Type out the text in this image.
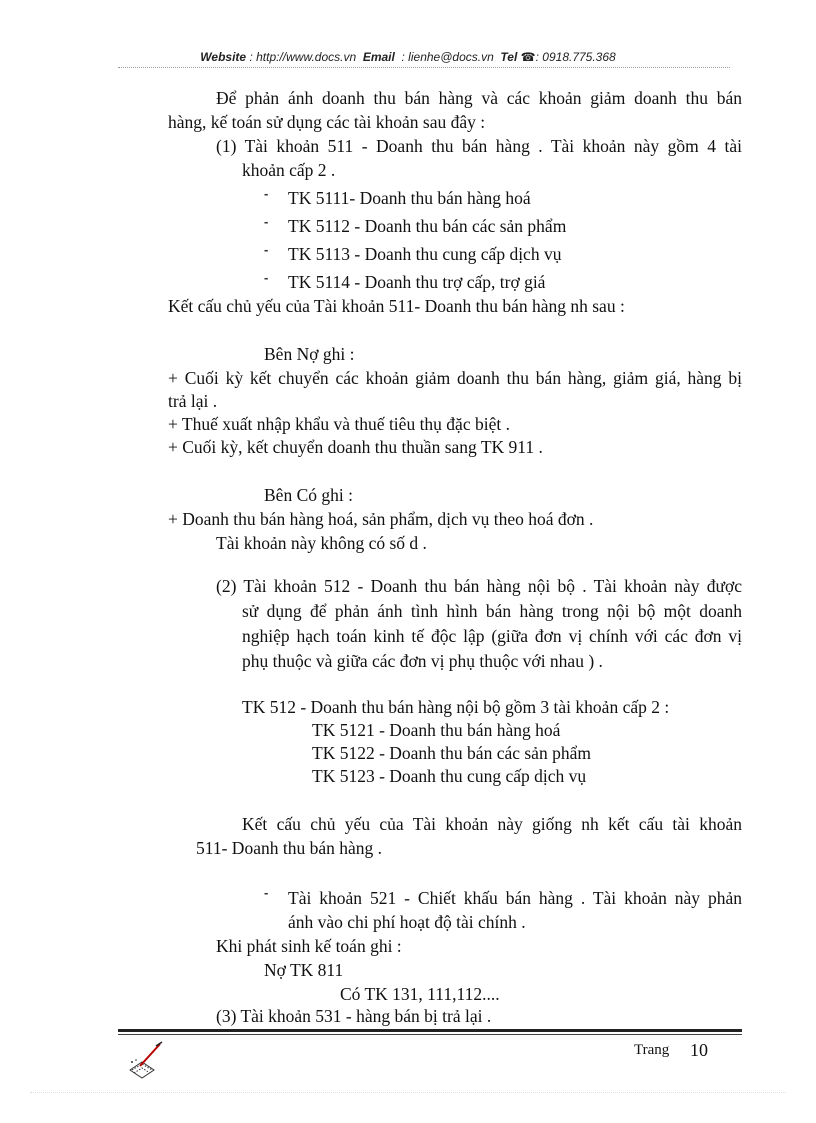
Website : http://www.docs.vn Email : lienhe@docs.vn Tel ☎: 0918.775.368
Để phản ánh doanh thu bán hàng và các khoản giảm doanh thu bán
hàng, kế toán sử dụng các tài khoản sau đây :
(1) Tài khoản 511 - Doanh thu bán hàng . Tài khoản này gồm 4 tài
khoản cấp 2 .
- TK 5111- Doanh thu bán hàng hoá
- TK 5112 - Doanh thu bán các sản phẩm
- TK 5113 - Doanh thu cung cấp dịch vụ
- TK 5114 - Doanh thu trợ cấp, trợ giá
Kết cấu chủ yếu của Tài khoản 511- Doanh thu bán hàng nh sau :
Bên Nợ ghi :
+ Cuối kỳ kết chuyển các khoản giảm doanh thu bán hàng, giảm giá, hàng bị
trả lại .
+ Thuế xuất nhập khẩu và thuế tiêu thụ đặc biệt .
+ Cuối kỳ, kết chuyển doanh thu thuần sang TK 911 .
Bên Có ghi :
+ Doanh thu bán hàng hoá, sản phẩm, dịch vụ theo hoá đơn .
Tài khoản này không có số d .
(2) Tài khoản 512 - Doanh thu bán hàng nội bộ . Tài khoản này được
sử dụng để phản ánh tình hình bán hàng trong nội bộ một doanh
nghiệp hạch toán kinh tế độc lập (giữa đơn vị chính với các đơn vị
phụ thuộc và giữa các đơn vị phụ thuộc với nhau ) .
TK 512 - Doanh thu bán hàng nội bộ gồm 3 tài khoản cấp 2 :
TK 5121 - Doanh thu bán hàng hoá
TK 5122 - Doanh thu bán các sản phẩm
TK 5123 - Doanh thu cung cấp dịch vụ
Kết cấu chủ yếu của Tài khoản này giống nh kết cấu tài khoản
511- Doanh thu bán hàng .
- Tài khoản 521 - Chiết khấu bán hàng . Tài khoản này phản
ánh vào chi phí hoạt độ tài chính .
Khi phát sinh kế toán ghi :
Nợ TK 811
Có TK 131, 111,112....
(3) Tài khoản 531 - hàng bán bị trả lại .
Trang 10
